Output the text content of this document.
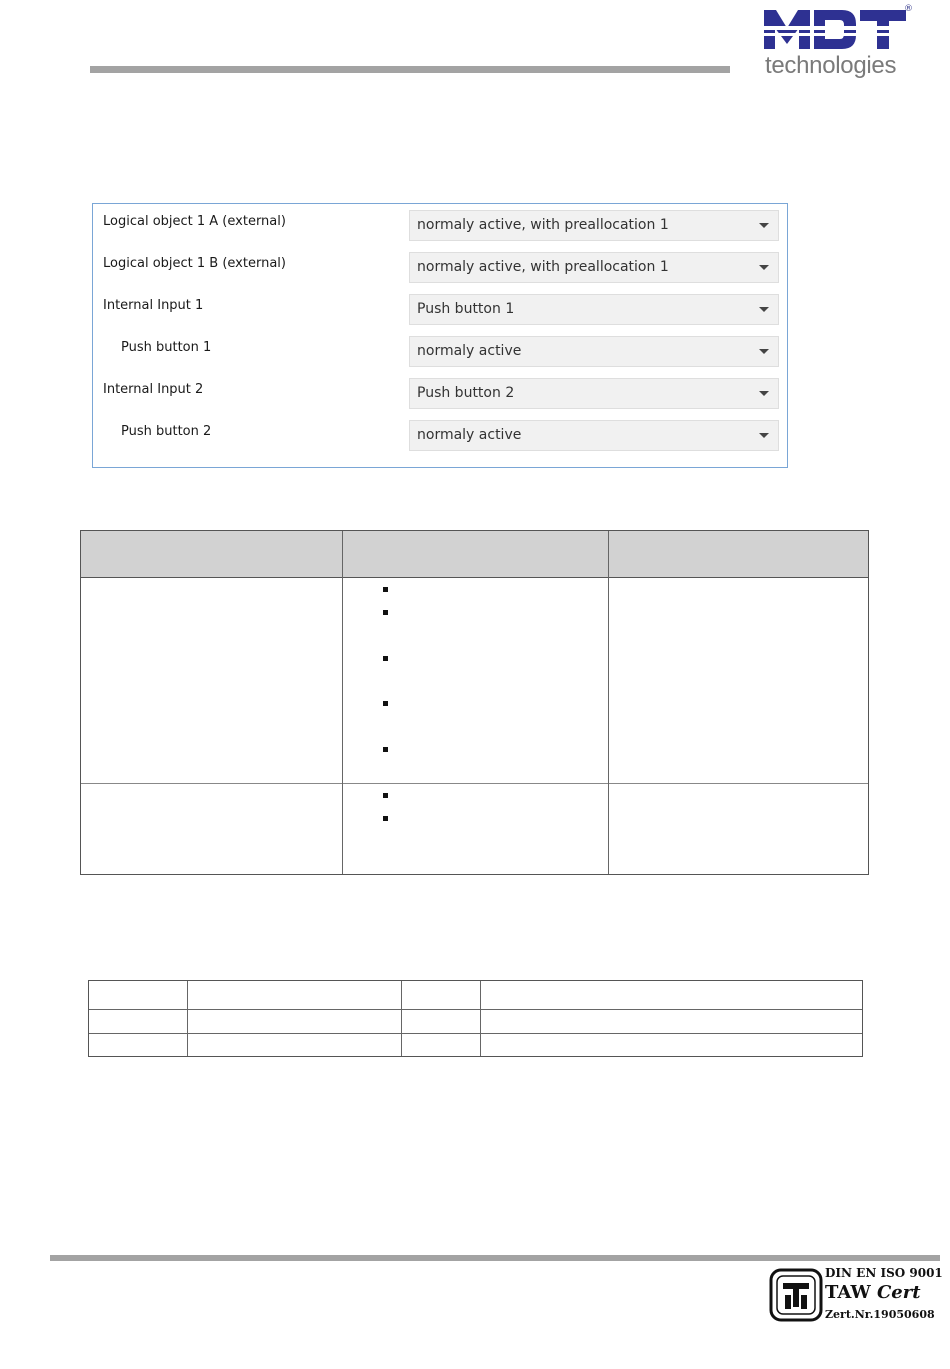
®
technologies
Logical object 1 A (external)	normaly active, with preallocation 1
Logical object 1 B (external)	normaly active, with preallocation 1
Internal Input 1	Push button 1
Push button 1	normaly active
Internal Input 2	Push button 2
Push button 2	normaly active
DIN EN ISO 9001
TAW Cert
Zert.Nr.19050608
